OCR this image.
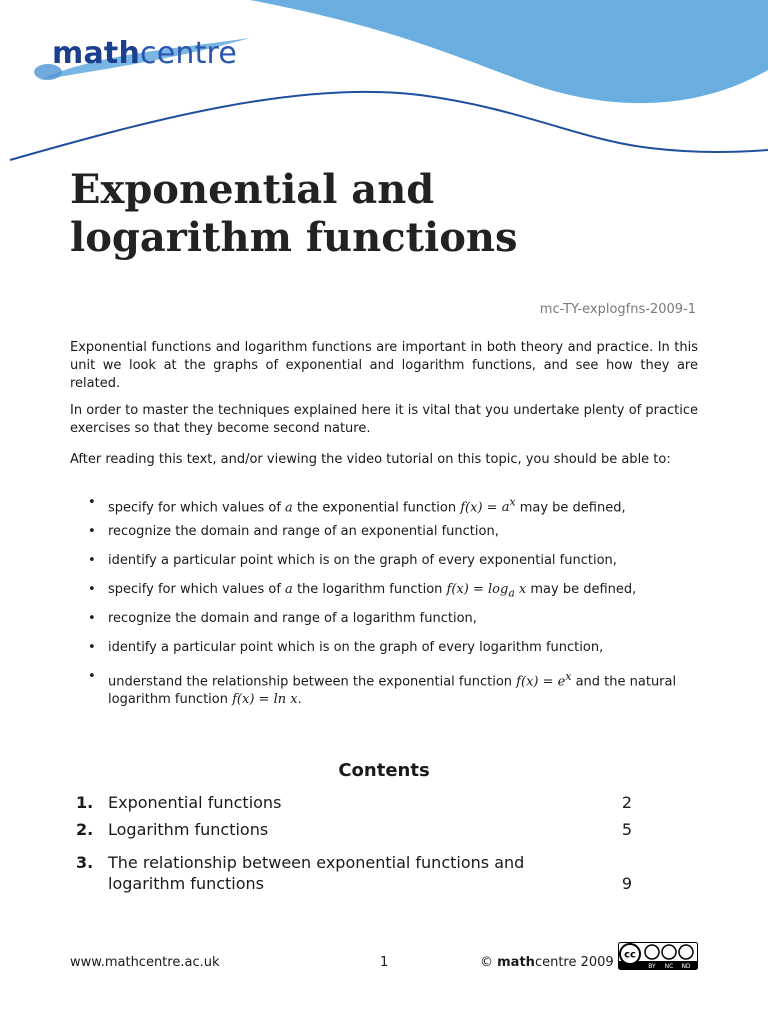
mathcentre
Exponential and
logarithm functions
mc-TY-explogfns-2009-1

Exponential functions and logarithm functions are important in both theory and practice. In this unit we look at the graphs of exponential and logarithm functions, and see how they are related.

In order to master the techniques explained here it is vital that you undertake plenty of practice exercises so that they become second nature.

After reading this text, and/or viewing the video tutorial on this topic, you should be able to:

• specify for which values of a the exponential function $f(x) = a^x$ may be defined,
• recognize the domain and range of an exponential function,
• identify a particular point which is on the graph of every exponential function,
• specify for which values of a the logarithm function $f(x) = \log_a x$ may be defined,
• recognize the domain and range of a logarithm function,
• identify a particular point which is on the graph of every logarithm function,
• understand the relationship between the exponential function $f(x) = e^x$ and the natural logarithm function f(x) = ln x.
Contents
1. Exponential functions	2
2. Logarithm functions	5
3. The relationship between exponential functions and logarithm functions	9
www.mathcentre.ac.uk	1	© mathcentre 2009 cc
BY NC ND
